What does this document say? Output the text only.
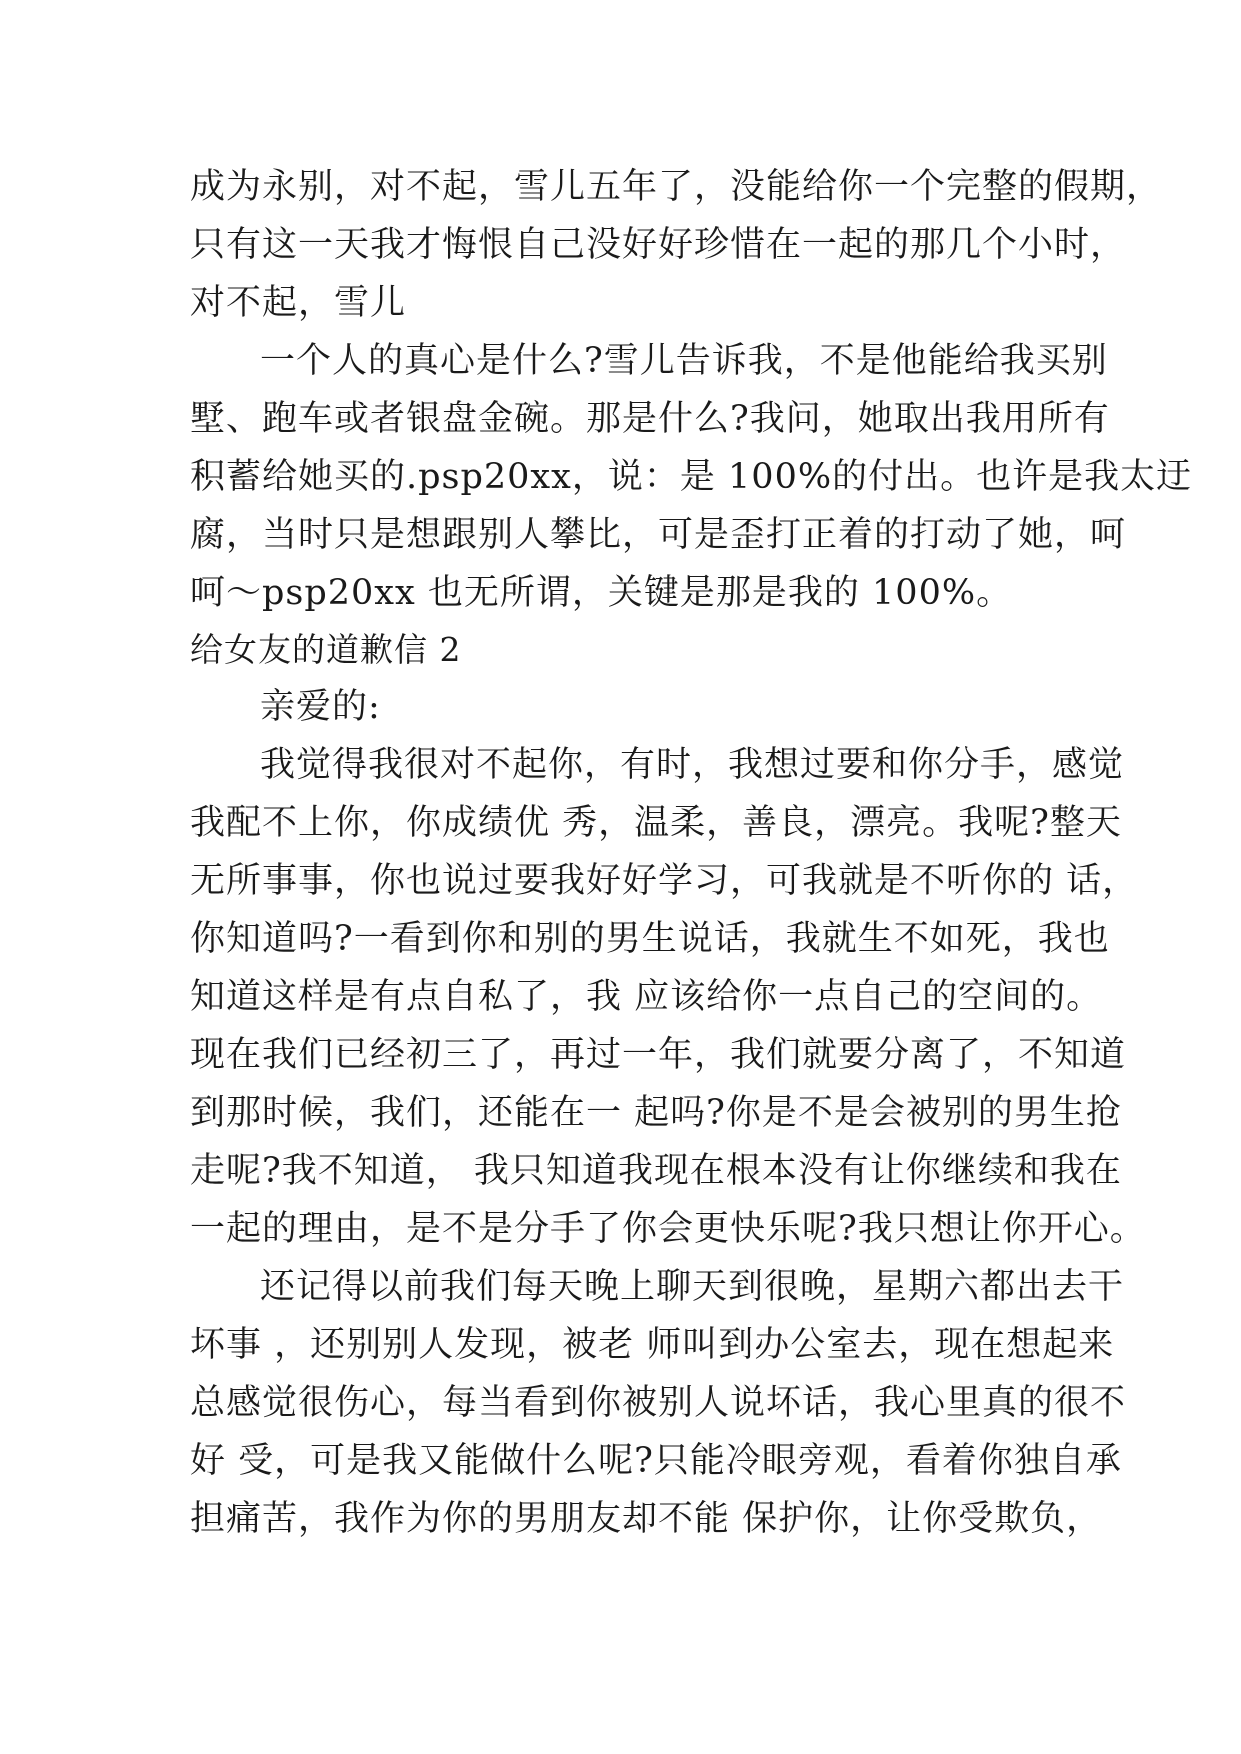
成为永别，对不起，雪儿五年了，没能给你一个完整的假期，
只有这一天我才悔恨自己没好好珍惜在一起的那几个小时，
对不起，雪儿
一个人的真心是什么?雪儿告诉我，不是他能给我买别
墅、跑车或者银盘金碗。那是什么?我问，她取出我用所有
积蓄给她买的.psp20xx，说：是 100%的付出。也许是我太迂
腐，当时只是想跟别人攀比，可是歪打正着的打动了她，呵
呵～psp20xx 也无所谓，关键是那是我的 100%。
给女友的道歉信 2
亲爱的:
我觉得我很对不起你，有时，我想过要和你分手，感觉
我配不上你，你成绩优 秀，温柔，善良，漂亮。我呢?整天
无所事事，你也说过要我好好学习，可我就是不听你的 话，
你知道吗?一看到你和别的男生说话，我就生不如死，我也
知道这样是有点自私了，我 应该给你一点自己的空间的。
现在我们已经初三了，再过一年，我们就要分离了，不知道
到那时候，我们，还能在一 起吗?你是不是会被别的男生抢
走呢?我不知道， 我只知道我现在根本没有让你继续和我在
一起的理由，是不是分手了你会更快乐呢?我只想让你开心。
还记得以前我们每天晚上聊天到很晚，星期六都出去干
坏事 ，还别别人发现，被老 师叫到办公室去，现在想起来
总感觉很伤心，每当看到你被别人说坏话，我心里真的很不
好 受，可是我又能做什么呢?只能冷眼旁观，看着你独自承
担痛苦，我作为你的男朋友却不能 保护你，让你受欺负，
